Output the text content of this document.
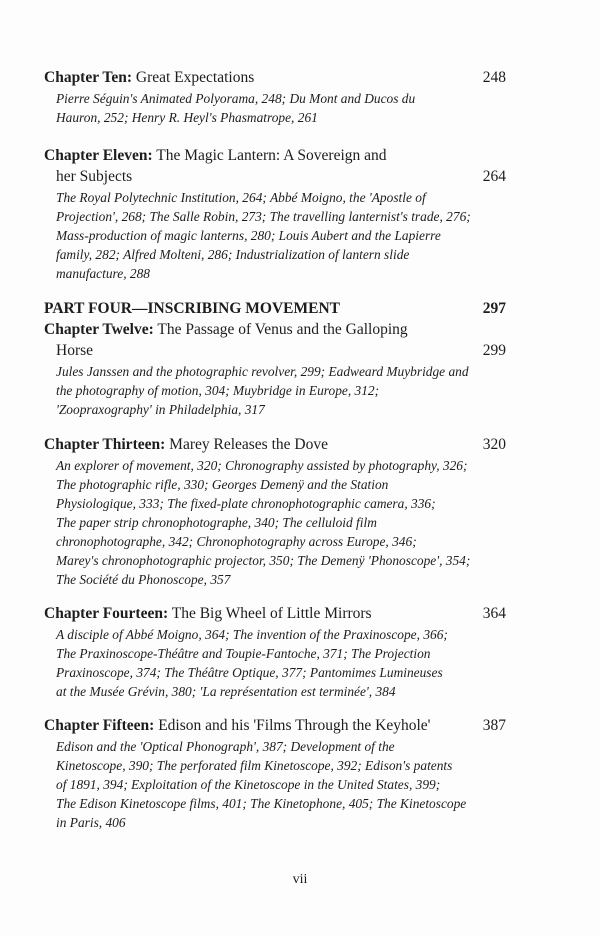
Chapter Ten: Great Expectations	248
Pierre Séguin's Animated Polyorama, 248; Du Mont and Ducos du
Hauron, 252; Henry R. Heyl's Phasmatrope, 261
Chapter Eleven: The Magic Lantern: A Sovereign and
her Subjects	264
The Royal Polytechnic Institution, 264; Abbé Moigno, the 'Apostle of
Projection', 268; The Salle Robin, 273; The travelling lanternist's trade, 276;
Mass-production of magic lanterns, 280; Louis Aubert and the Lapierre
family, 282; Alfred Molteni, 286; Industrialization of lantern slide
manufacture, 288
PART FOUR—INSCRIBING MOVEMENT	297
Chapter Twelve: The Passage of Venus and the Galloping
Horse	299
Jules Janssen and the photographic revolver, 299; Eadweard Muybridge and
the photography of motion, 304; Muybridge in Europe, 312;
'Zoopraxography' in Philadelphia, 317
Chapter Thirteen: Marey Releases the Dove	320
An explorer of movement, 320; Chronography assisted by photography, 326;
The photographic rifle, 330; Georges Demenÿ and the Station
Physiologique, 333; The fixed-plate chronophotographic camera, 336;
The paper strip chronophotographe, 340; The celluloid film
chronophotographe, 342; Chronophotography across Europe, 346;
Marey's chronophotographic projector, 350; The Demenÿ 'Phonoscope', 354;
The Société du Phonoscope, 357
Chapter Fourteen: The Big Wheel of Little Mirrors	364
A disciple of Abbé Moigno, 364; The invention of the Praxinoscope, 366;
The Praxinoscope-Théâtre and Toupie-Fantoche, 371; The Projection
Praxinoscope, 374; The Théâtre Optique, 377; Pantomimes Lumineuses
at the Musée Grévin, 380; 'La représentation est terminée', 384
Chapter Fifteen: Edison and his 'Films Through the Keyhole'	387
Edison and the 'Optical Phonograph', 387; Development of the
Kinetoscope, 390; The perforated film Kinetoscope, 392; Edison's patents
of 1891, 394; Exploitation of the Kinetoscope in the United States, 399;
The Edison Kinetoscope films, 401; The Kinetophone, 405; The Kinetoscope
in Paris, 406
vii
